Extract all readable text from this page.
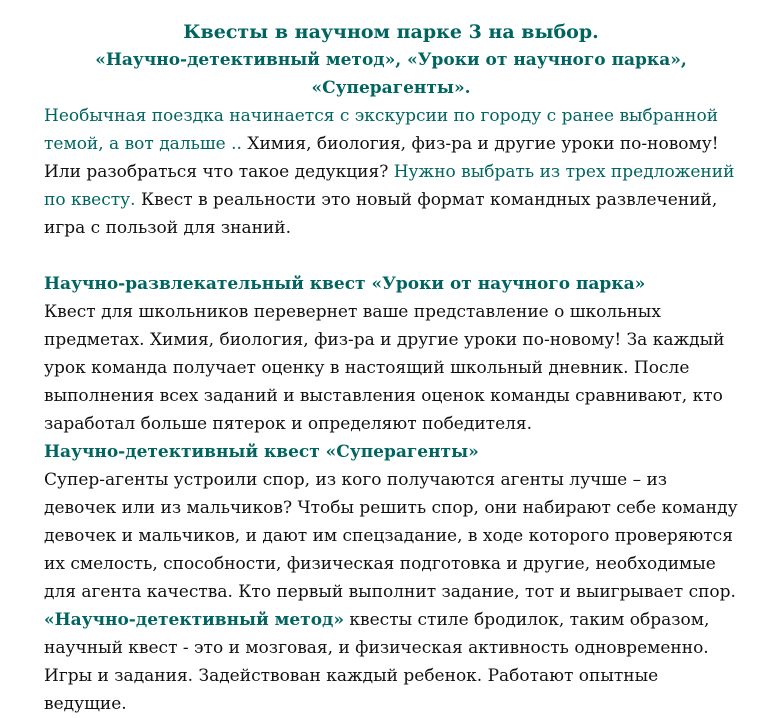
Квесты в научном парке 3 на выбор.
«Научно-детективный метод», «Уроки от научного парка», «Суперагенты».

Необычная поездка начинается с экскурсии по городу с ранее выбранной темой, а вот дальше .. Химия, биология, физ-ра и другие уроки по-новому! Или разобраться что такое дедукция? Нужно выбрать из трех предложений по квесту. Квест в реальности это новый формат командных развлечений, игра с пользой для знаний.

Научно-развлекательный квест «Уроки от научного парка»

Квест для школьников перевернет ваше представление о школьных предметах. Химия, биология, физ-ра и другие уроки по-новому! За каждый урок команда получает оценку в настоящий школьный дневник. После выполнения всех заданий и выставления оценок команды сравнивают, кто заработал больше пятерок и определяют победителя.

Научно-детективный квест «Суперагенты»

Супер-агенты устроили спор, из кого получаются агенты лучше – из девочек или из мальчиков? Чтобы решить спор, они набирают себе команду девочек и мальчиков, и дают им спецзадание, в ходе которого проверяются их смелость, способности, физическая подготовка и другие, необходимые для агента качества. Кто первый выполнит задание, тот и выигрывает спор.

«Научно-детективный метод» квесты стиле бродилок, таким образом, научный квест - это и мозговая, и физическая активность одновременно. Игры и задания. Задействован каждый ребенок. Работают опытные ведущие.
